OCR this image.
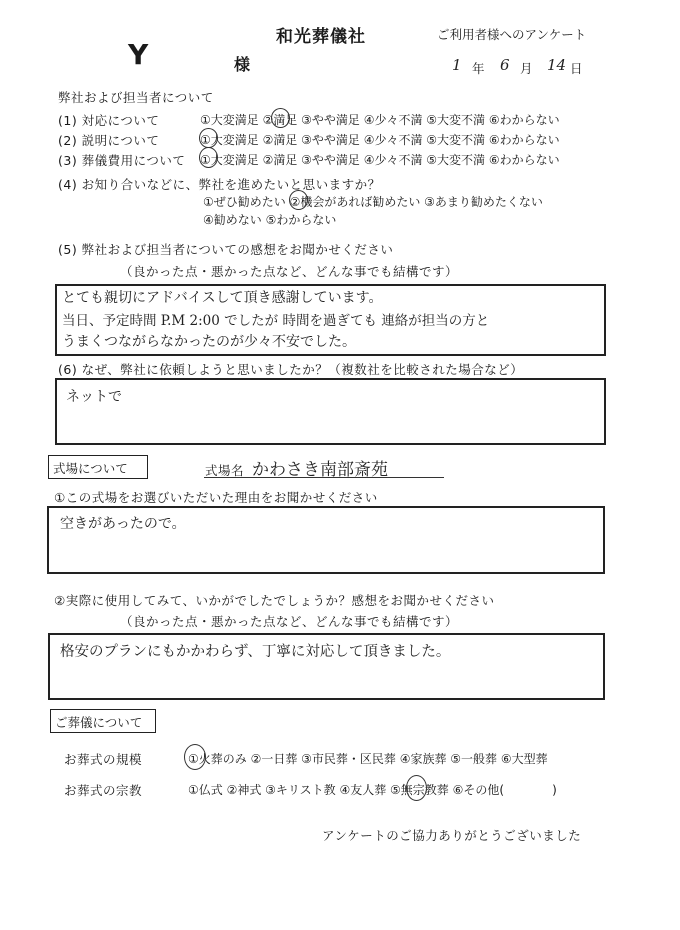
和光葬儀社	ご利用者様へのアンケート
Y	様	1 年 6 月 14 日
弊社および担当者について
(1) 対応について	①大変満足 ②満足 ③やや満足 ④少々不満 ⑤大変不満 ⑥わからない
(2) 説明について	①大変満足 ②満足 ③やや満足 ④少々不満 ⑤大変不満 ⑥わからない
(3) 葬儀費用について ①大変満足 ②満足 ③やや満足 ④少々不満 ⑤大変不満 ⑥わからない
(4) お知り合いなどに、弊社を進めたいと思いますか？
①ぜひ勧めたい ②機会があれば勧めたい ③あまり勧めたくない
④勧めない ⑤わからない
(5) 弊社および担当者についての感想をお聞かせください
（良かった点・悪かった点など、どんな事でも結構です）
とても親切にアドバイスして頂き感謝しています。
当日、予定時間 P.M 2:00 でしたが 時間を過ぎても 連絡が担当の方と
うまくつながらなかったのが少々不安でした。
(6) なぜ、弊社に依頼しようと思いましたか？（複数社を比較された場合など）
ネットで
式場について	式場名 かわさき南部斎苑
①この式場をお選びいただいた理由をお聞かせください
空きがあったので。
②実際に使用してみて、いかがでしたでしょうか？感想をお聞かせください
（良かった点・悪かった点など、どんな事でも結構です）
格安のプランにもかかわらず、丁寧に対応して頂きました。
ご葬儀について
お葬式の規模	①火葬のみ ②一日葬 ③市民葬・区民葬 ④家族葬 ⑤一般葬 ⑥大型葬
お葬式の宗教	①仏式 ②神式 ③キリスト教 ④友人葬 ⑤無宗教葬 ⑥その他(　　　　)
アンケートのご協力ありがとうございました
